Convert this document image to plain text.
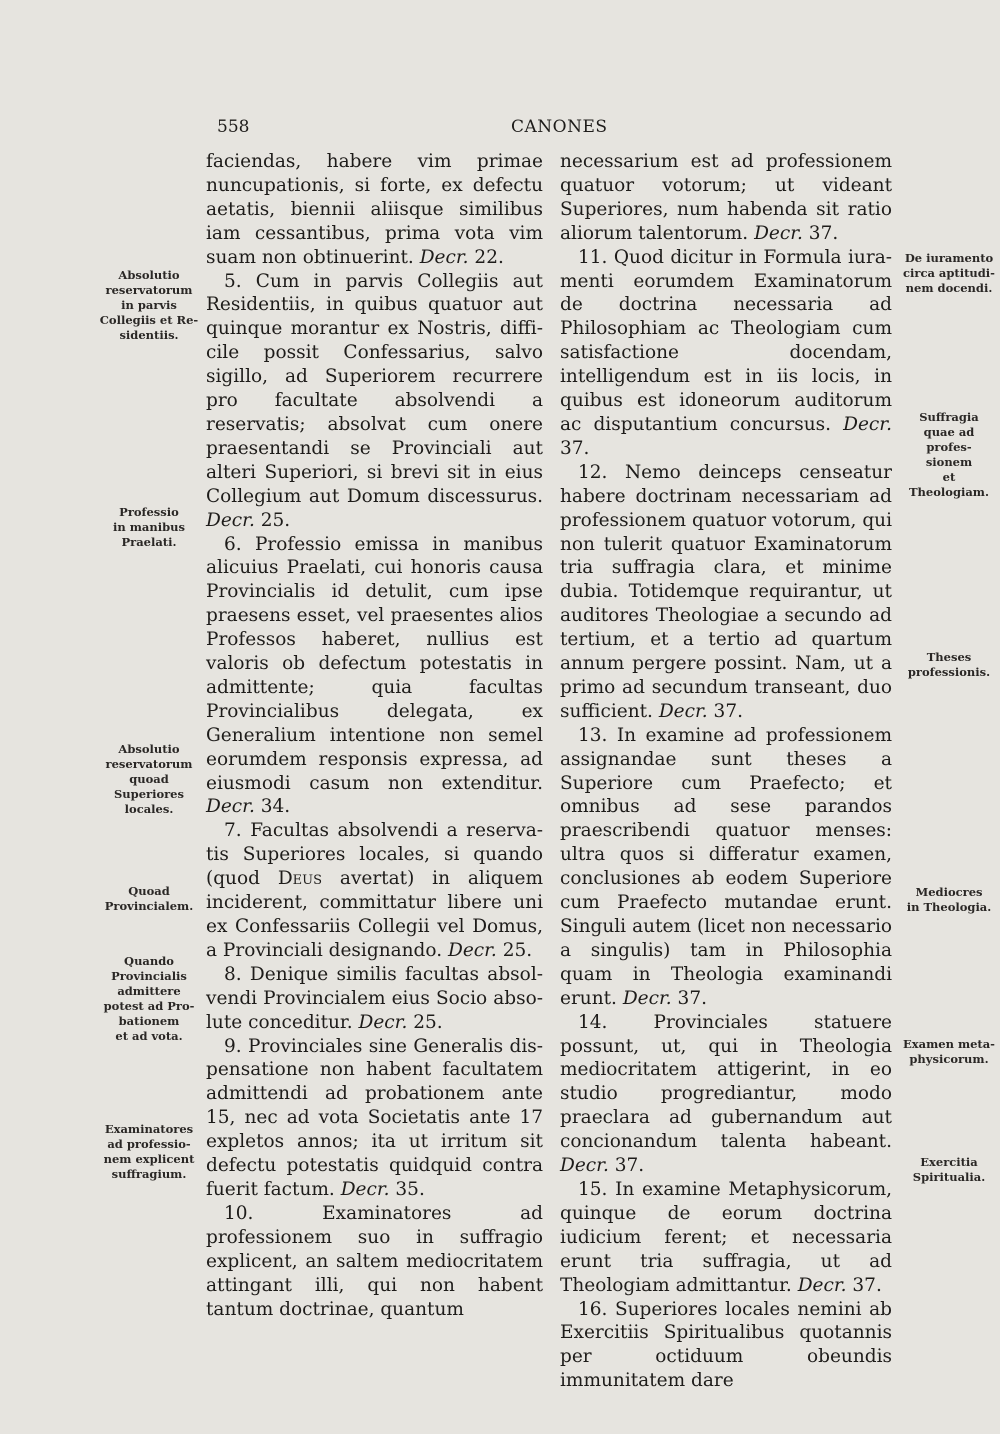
558	CANONES
Absolutio
reservatorum
in parvis
Collegiis et Re-
sidentiis.
Professio
in manibus
Praelati.
Absolutio
reservatorum
quoad
Superiores
locales.
Quoad
Provincialem.
Quando
Provincialis
admittere
potest ad Pro-
bationem
et ad vota.
Examinatores
ad professio-
nem explicent
suffragium.
De iuramento
circa aptitudi-
nem docendi.
Suffragia
quae ad profes-
sionem
et Theologiam.
Theses
professionis.
Mediocres
in Theologia.
Examen meta-
physicorum.
Exercitia
Spiritualia.

faciendas, habere vim primae nuncupationis, si forte, ex defectu aetatis, biennii aliisque similibus iam cessantibus, prima vota vim suam non obtinuerint. Decr. 22.

5. Cum in parvis Collegiis aut Residentiis, in quibus quatuor aut quinque morantur ex Nostris, difficile possit Confessarius, salvo sigillo, ad Superiorem recurrere pro facultate absolvendi a reservatis; absolvat cum onere praesentandi se Provinciali aut alteri Superiori, si brevi sit in eius Collegium aut Domum discessurus. Decr. 25.

6. Professio emissa in manibus alicuius Praelati, cui honoris causa Provincialis id detulit, cum ipse praesens esset, vel praesentes alios Professos haberet, nullius est valoris ob defectum potestatis in admittente; quia facultas Provincialibus delegata, ex Generalium intentione non semel eorumdem responsis expressa, ad eiusmodi casum non extenditur. Decr. 34.

7. Facultas absolvendi a reservatis Superiores locales, si quando (quod Deus avertat) in aliquem inciderent, committatur libere uni ex Confessariis Collegii vel Domus, a Provinciali designando. Decr. 25.

8. Denique similis facultas absolvendi Provincialem eius Socio absolute conceditur. Decr. 25.

9. Provinciales sine Generalis dispensatione non habent facultatem admittendi ad probationem ante 15, nec ad vota Societatis ante 17 expletos annos; ita ut irritum sit defectu potestatis quidquid contra fuerit factum. Decr. 35.

10. Examinatores ad professionem suo in suffragio explicent, an saltem mediocritatem attingant illi, qui non habent tantum doctrinae, quantum

necessarium est ad professionem quatuor votorum; ut videant Superiores, num habenda sit ratio aliorum talentorum. Decr. 37.

11. Quod dicitur in Formula iuramenti eorumdem Examinatorum de doctrina necessaria ad Philosophiam ac Theologiam cum satisfactione docendam, intelligendum est in iis locis, in quibus est idoneorum auditorum ac disputantium concursus. Decr. 37.

12. Nemo deinceps censeatur habere doctrinam necessariam ad professionem quatuor votorum, qui non tulerit quatuor Examinatorum tria suffragia clara, et minime dubia. Totidemque requirantur, ut auditores Theologiae a secundo ad tertium, et a tertio ad quartum annum pergere possint. Nam, ut a primo ad secundum transeant, duo sufficient. Decr. 37.

13. In examine ad professionem assignandae sunt theses a Superiore cum Praefecto; et omnibus ad sese parandos praescribendi quatuor menses: ultra quos si differatur examen, conclusiones ab eodem Superiore cum Praefecto mutandae erunt. Singuli autem (licet non necessario a singulis) tam in Philosophia quam in Theologia examinandi erunt. Decr. 37.

14. Provinciales statuere possunt, ut, qui in Theologia mediocritatem attigerint, in eo studio progrediantur, modo praeclara ad gubernandum aut concionandum talenta habeant. Decr. 37.

15. In examine Metaphysicorum, quinque de eorum doctrina iudicium ferent; et necessaria erunt tria suffragia, ut ad Theologiam admittantur. Decr. 37.

16. Superiores locales nemini ab Exercitiis Spiritualibus quotannis per octiduum obeundis immunitatem dare
